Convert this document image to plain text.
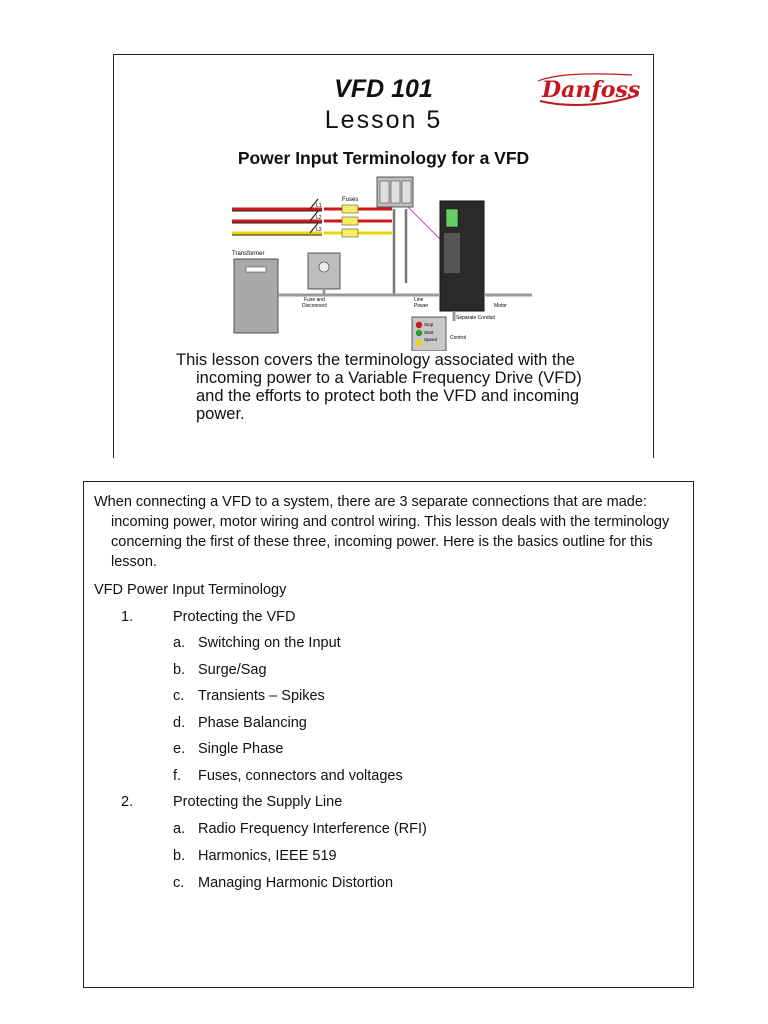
VFD 101
Lesson 5
Power Input Terminology for a VFD
Danfoss
Fuses
L1
L2
L3
Line
Power	Motor
Separate Conduit
Transformer
Fuse and
Disconnect
Stop
Start
Speed	Control

This lesson covers the terminology associated with the incoming power to a Variable Frequency Drive (VFD) and the efforts to protect both the VFD and incoming power.

When connecting a VFD to a system, there are 3 separate connections that are made: incoming power, motor wiring and control wiring. This lesson deals with the terminology concerning the first of these three, incoming power. Here is the basics outline for this lesson.

VFD Power Input Terminology
1.	Protecting the VFD
a. Switching on the Input
b. Surge/Sag
c. Transients – Spikes
d. Phase Balancing
e. Single Phase
f. Fuses, connectors and voltages
2.	Protecting the Supply Line
a. Radio Frequency Interference (RFI)
b. Harmonics, IEEE 519
c. Managing Harmonic Distortion
